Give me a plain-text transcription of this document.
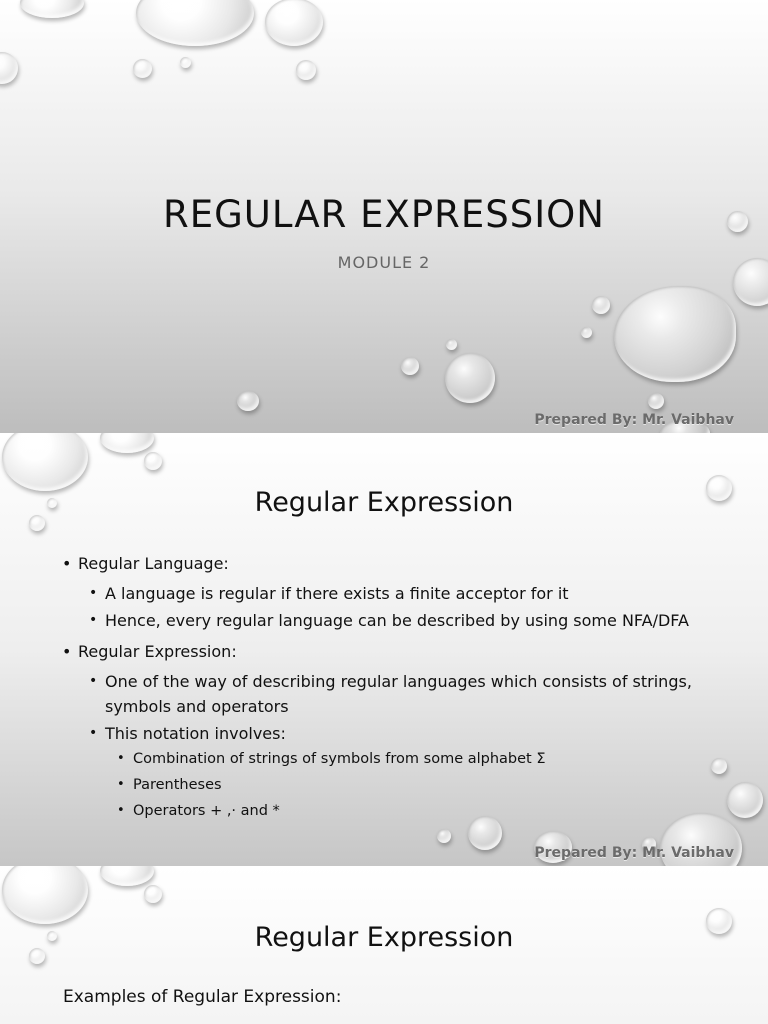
REGULAR EXPRESSION
MODULE 2
Prepared By: Mr. Vaibhav
Regular Expression
• Regular Language:
• A language is regular if there exists a finite acceptor for it
• Hence, every regular language can be described by using some NFA/DFA
• Regular Expression:
• One of the way of describing regular languages which consists of strings, symbols and operators
• This notation involves:
• Combination of strings of symbols from some alphabet Σ
• Parentheses
• Operators + ,· and *
Prepared By: Mr. Vaibhav
Regular Expression
Examples of Regular Expression:
